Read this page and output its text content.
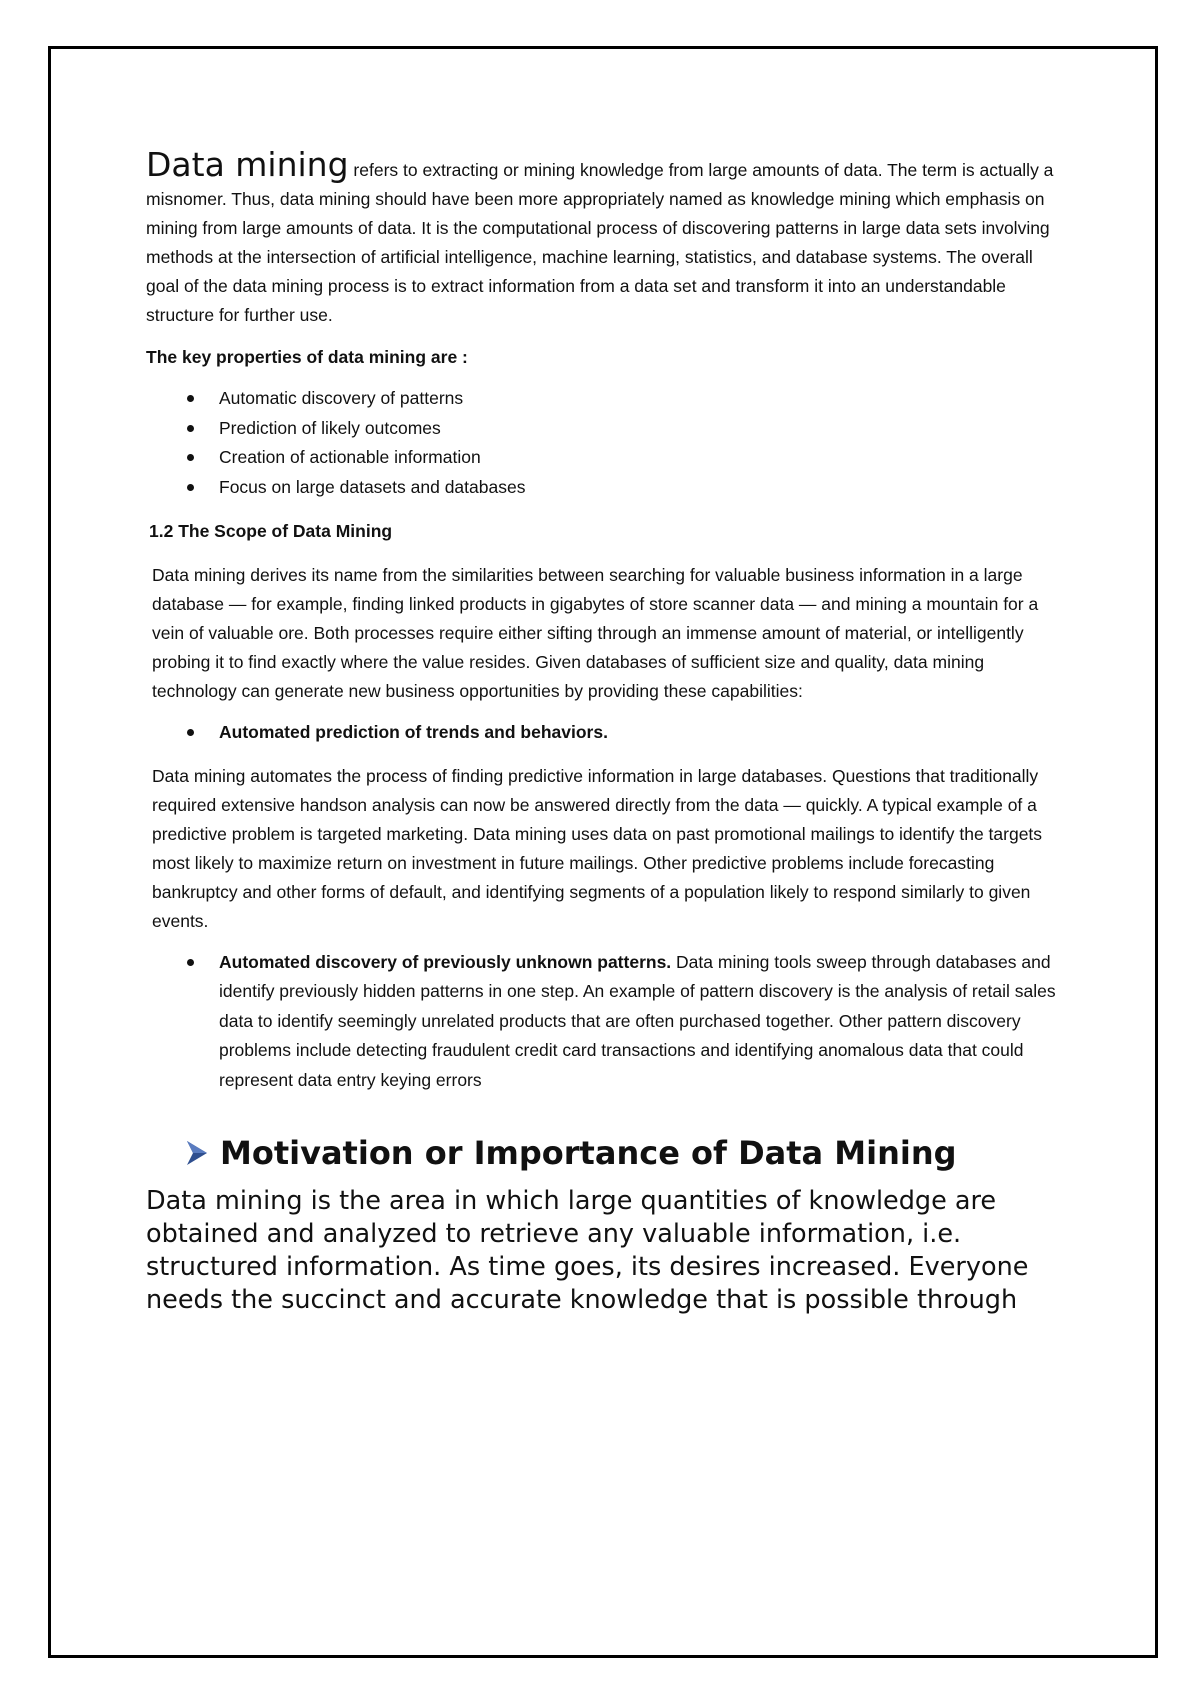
Data mining refers to extracting or mining knowledge from large amounts of data. The term is actually a misnomer. Thus, data mining should have been more appropriately named as knowledge mining which emphasis on mining from large amounts of data. It is the computational process of discovering patterns in large data sets involving methods at the intersection of artificial intelligence, machine learning, statistics, and database systems. The overall goal of the data mining process is to extract information from a data set and transform it into an understandable structure for further use.

The key properties of data mining are :

Automatic discovery of patterns
Prediction of likely outcomes
Creation of actionable information
Focus on large datasets and databases

1.2 The Scope of Data Mining

Data mining derives its name from the similarities between searching for valuable business information in a large database — for example, finding linked products in gigabytes of store scanner data — and mining a mountain for a vein of valuable ore. Both processes require either sifting through an immense amount of material, or intelligently probing it to find exactly where the value resides. Given databases of sufficient size and quality, data mining technology can generate new business opportunities by providing these capabilities:

Automated prediction of trends and behaviors.

Data mining automates the process of finding predictive information in large databases. Questions that traditionally required extensive handson analysis can now be answered directly from the data — quickly. A typical example of a predictive problem is targeted marketing. Data mining uses data on past promotional mailings to identify the targets most likely to maximize return on investment in future mailings. Other predictive problems include forecasting bankruptcy and other forms of default, and identifying segments of a population likely to respond similarly to given events.

Automated discovery of previously unknown patterns. Data mining tools sweep through databases and identify previously hidden patterns in one step. An example of pattern discovery is the analysis of retail sales data to identify seemingly unrelated products that are often purchased together. Other pattern discovery problems include detecting fraudulent credit card transactions and identifying anomalous data that could represent data entry keying errors
Motivation or Importance of Data Mining

Data mining is the area in which large quantities of knowledge are obtained and analyzed to retrieve any valuable information, i.e. structured information. As time goes, its desires increased. Everyone needs the succinct and accurate knowledge that is possible through
